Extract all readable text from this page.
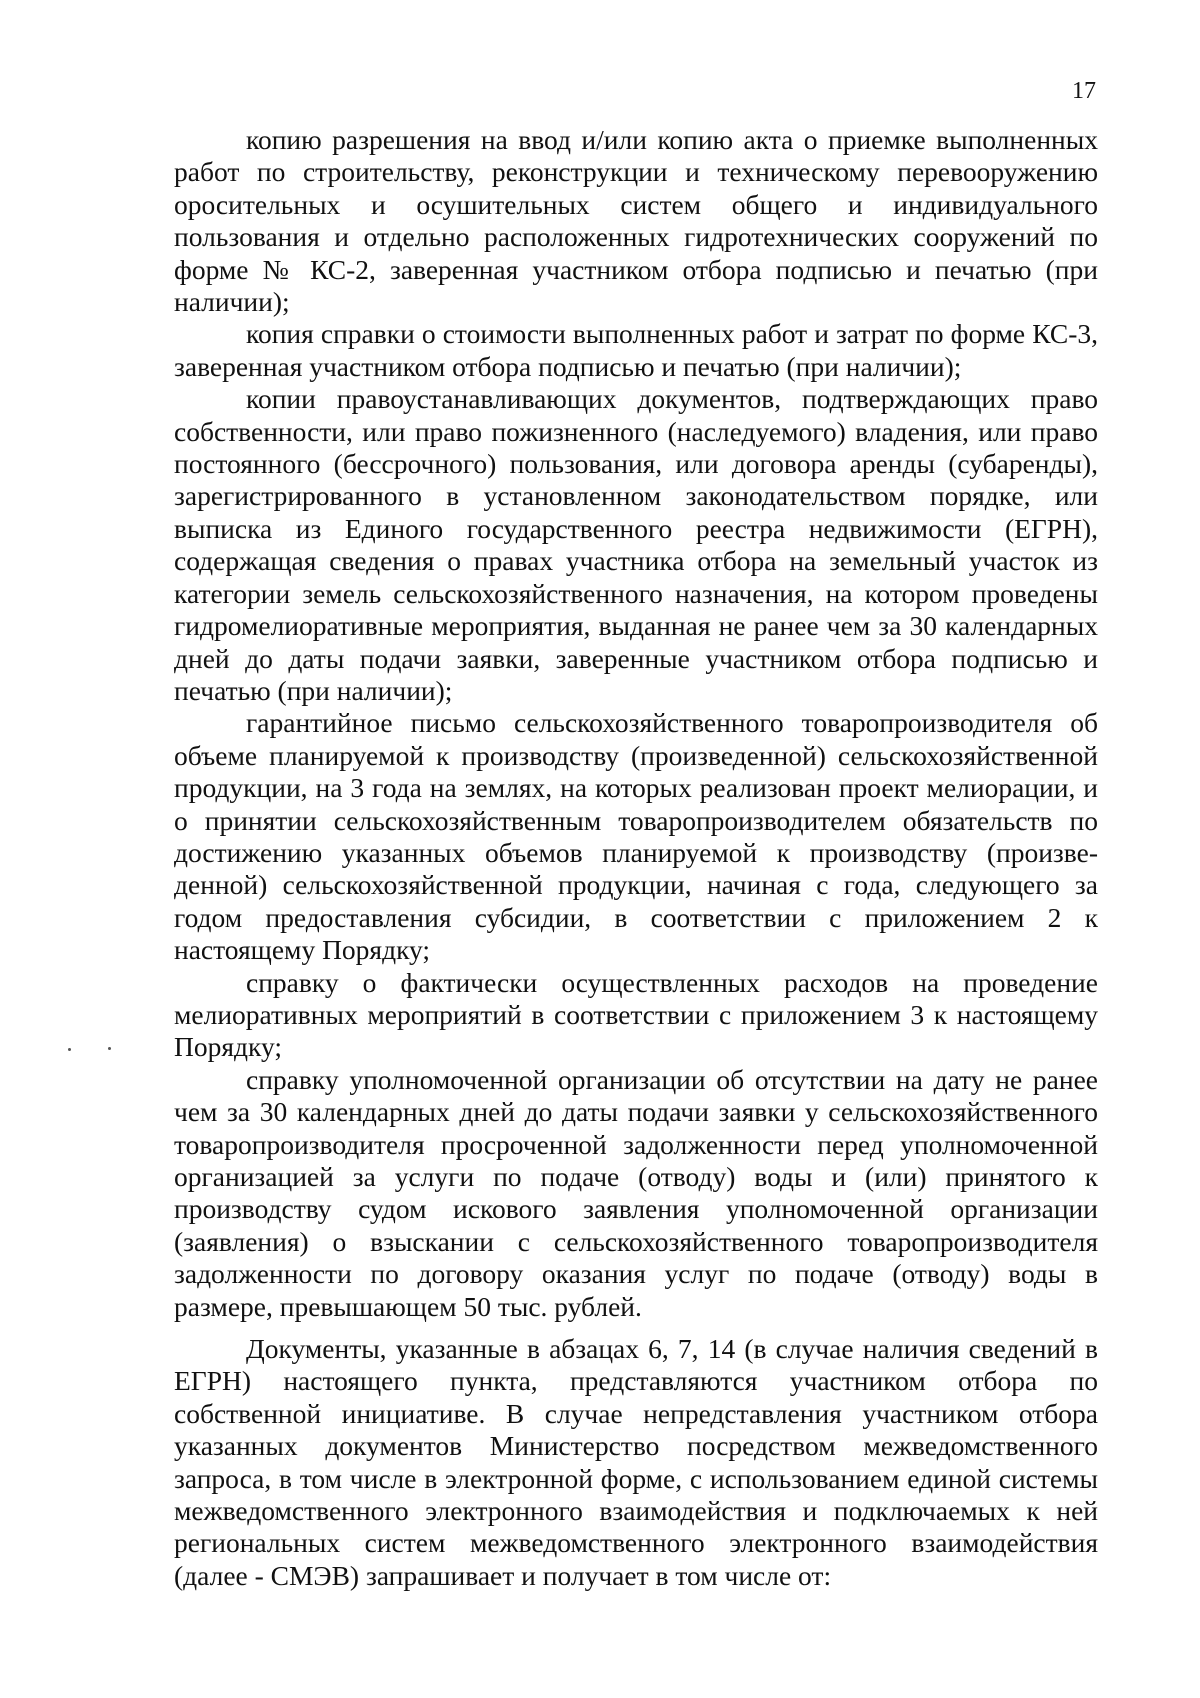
17

копию разрешения на ввод и/или копию акта о приемке выполненных работ по строительству, реконструкции и техническому перевооружению оросительных и осушительных систем общего и индивидуального пользования и отдельно расположенных гидротехнических сооружений по форме № КС-2, заверенная участником отбора подписью и печатью (при наличии);

копия справки о стоимости выполненных работ и затрат по форме КС-3, заверенная участником отбора подписью и печатью (при наличии);

копии правоустанавливающих документов, подтверждающих право собственности, или право пожизненного (наследуемого) владения, или право постоянного (бессрочного) пользования, или договора аренды (субаренды), зарегистрированного в установленном законодательством порядке, или выписка из Единого государственного реестра недвижимости (ЕГРН), содержащая сведения о правах участника отбора на земельный участок из категории земель сельскохозяйственного назначения, на котором проведены гидромелиоративные мероприятия, выданная не ранее чем за 30 календарных дней до даты подачи заявки, заверенные участником отбора подписью и печатью (при наличии);

гарантийное письмо сельскохозяйственного товаропроизводителя об объеме планируемой к производству (произведенной) сельскохозяйственной продукции, на 3 года на землях, на которых реализован проект мелиорации, и о принятии сельскохозяйственным товаропроизводителем обязательств по достижению указанных объемов планируемой к производству (произведенной) сельскохозяйственной продукции, начиная с года, следующего за годом предоставления субсидии, в соответствии с приложением 2 к настоящему Порядку;

справку о фактически осуществленных расходов на проведение мелиоративных мероприятий в соответствии с приложением 3 к настоящему Порядку;

справку уполномоченной организации об отсутствии на дату не ранее чем за 30 календарных дней до даты подачи заявки у сельскохозяйственного товаропроизводителя просроченной задолженности перед уполномоченной организацией за услуги по подаче (отводу) воды и (или) принятого к производству судом искового заявления уполномоченной организации (заявления) о взыскании с сельскохозяйственного товаропроизводителя задолженности по договору оказания услуг по подаче (отводу) воды в размере, превышающем 50 тыс. рублей.

Документы, указанные в абзацах 6, 7, 14 (в случае наличия сведений в ЕГРН) настоящего пункта, представляются участником отбора по собственной инициативе. В случае непредставления участником отбора указанных документов Министерство посредством межведомственного запроса, в том числе в электронной форме, с использованием единой системы межведомственного электронного взаимодействия и подключаемых к ней региональных систем межведомственного электронного взаимодействия (далее - СМЭВ) запрашивает и получает в том числе от:
